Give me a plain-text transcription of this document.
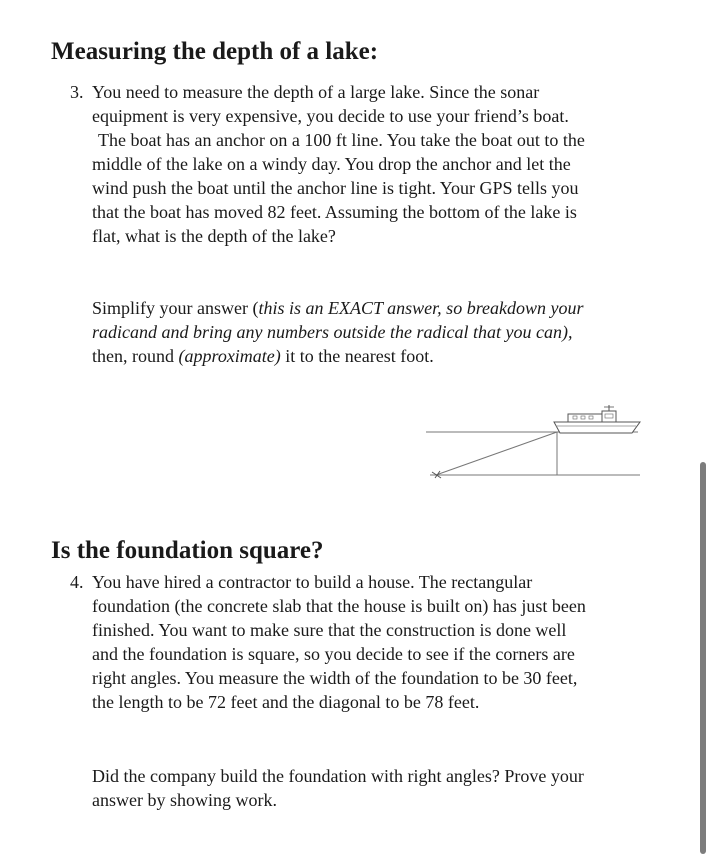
Measuring the depth of a lake:
3. You need to measure the depth of a large lake. Since the sonar
equipment is very expensive, you decide to use your friend’s boat.
The boat has an anchor on a 100 ft line. You take the boat out to the
middle of the lake on a windy day. You drop the anchor and let the
wind push the boat until the anchor line is tight. Your GPS tells you
that the boat has moved 82 feet. Assuming the bottom of the lake is
flat, what is the depth of the lake?
Simplify your answer (this is an EXACT answer, so breakdown your
radicand and bring any numbers outside the radical that you can),
then, round (approximate) it to the nearest foot.
Is the foundation square?
4. You have hired a contractor to build a house. The rectangular
foundation (the concrete slab that the house is built on) has just been
finished. You want to make sure that the construction is done well
and the foundation is square, so you decide to see if the corners are
right angles. You measure the width of the foundation to be 30 feet,
the length to be 72 feet and the diagonal to be 78 feet.
Did the company build the foundation with right angles? Prove your
answer by showing work.
